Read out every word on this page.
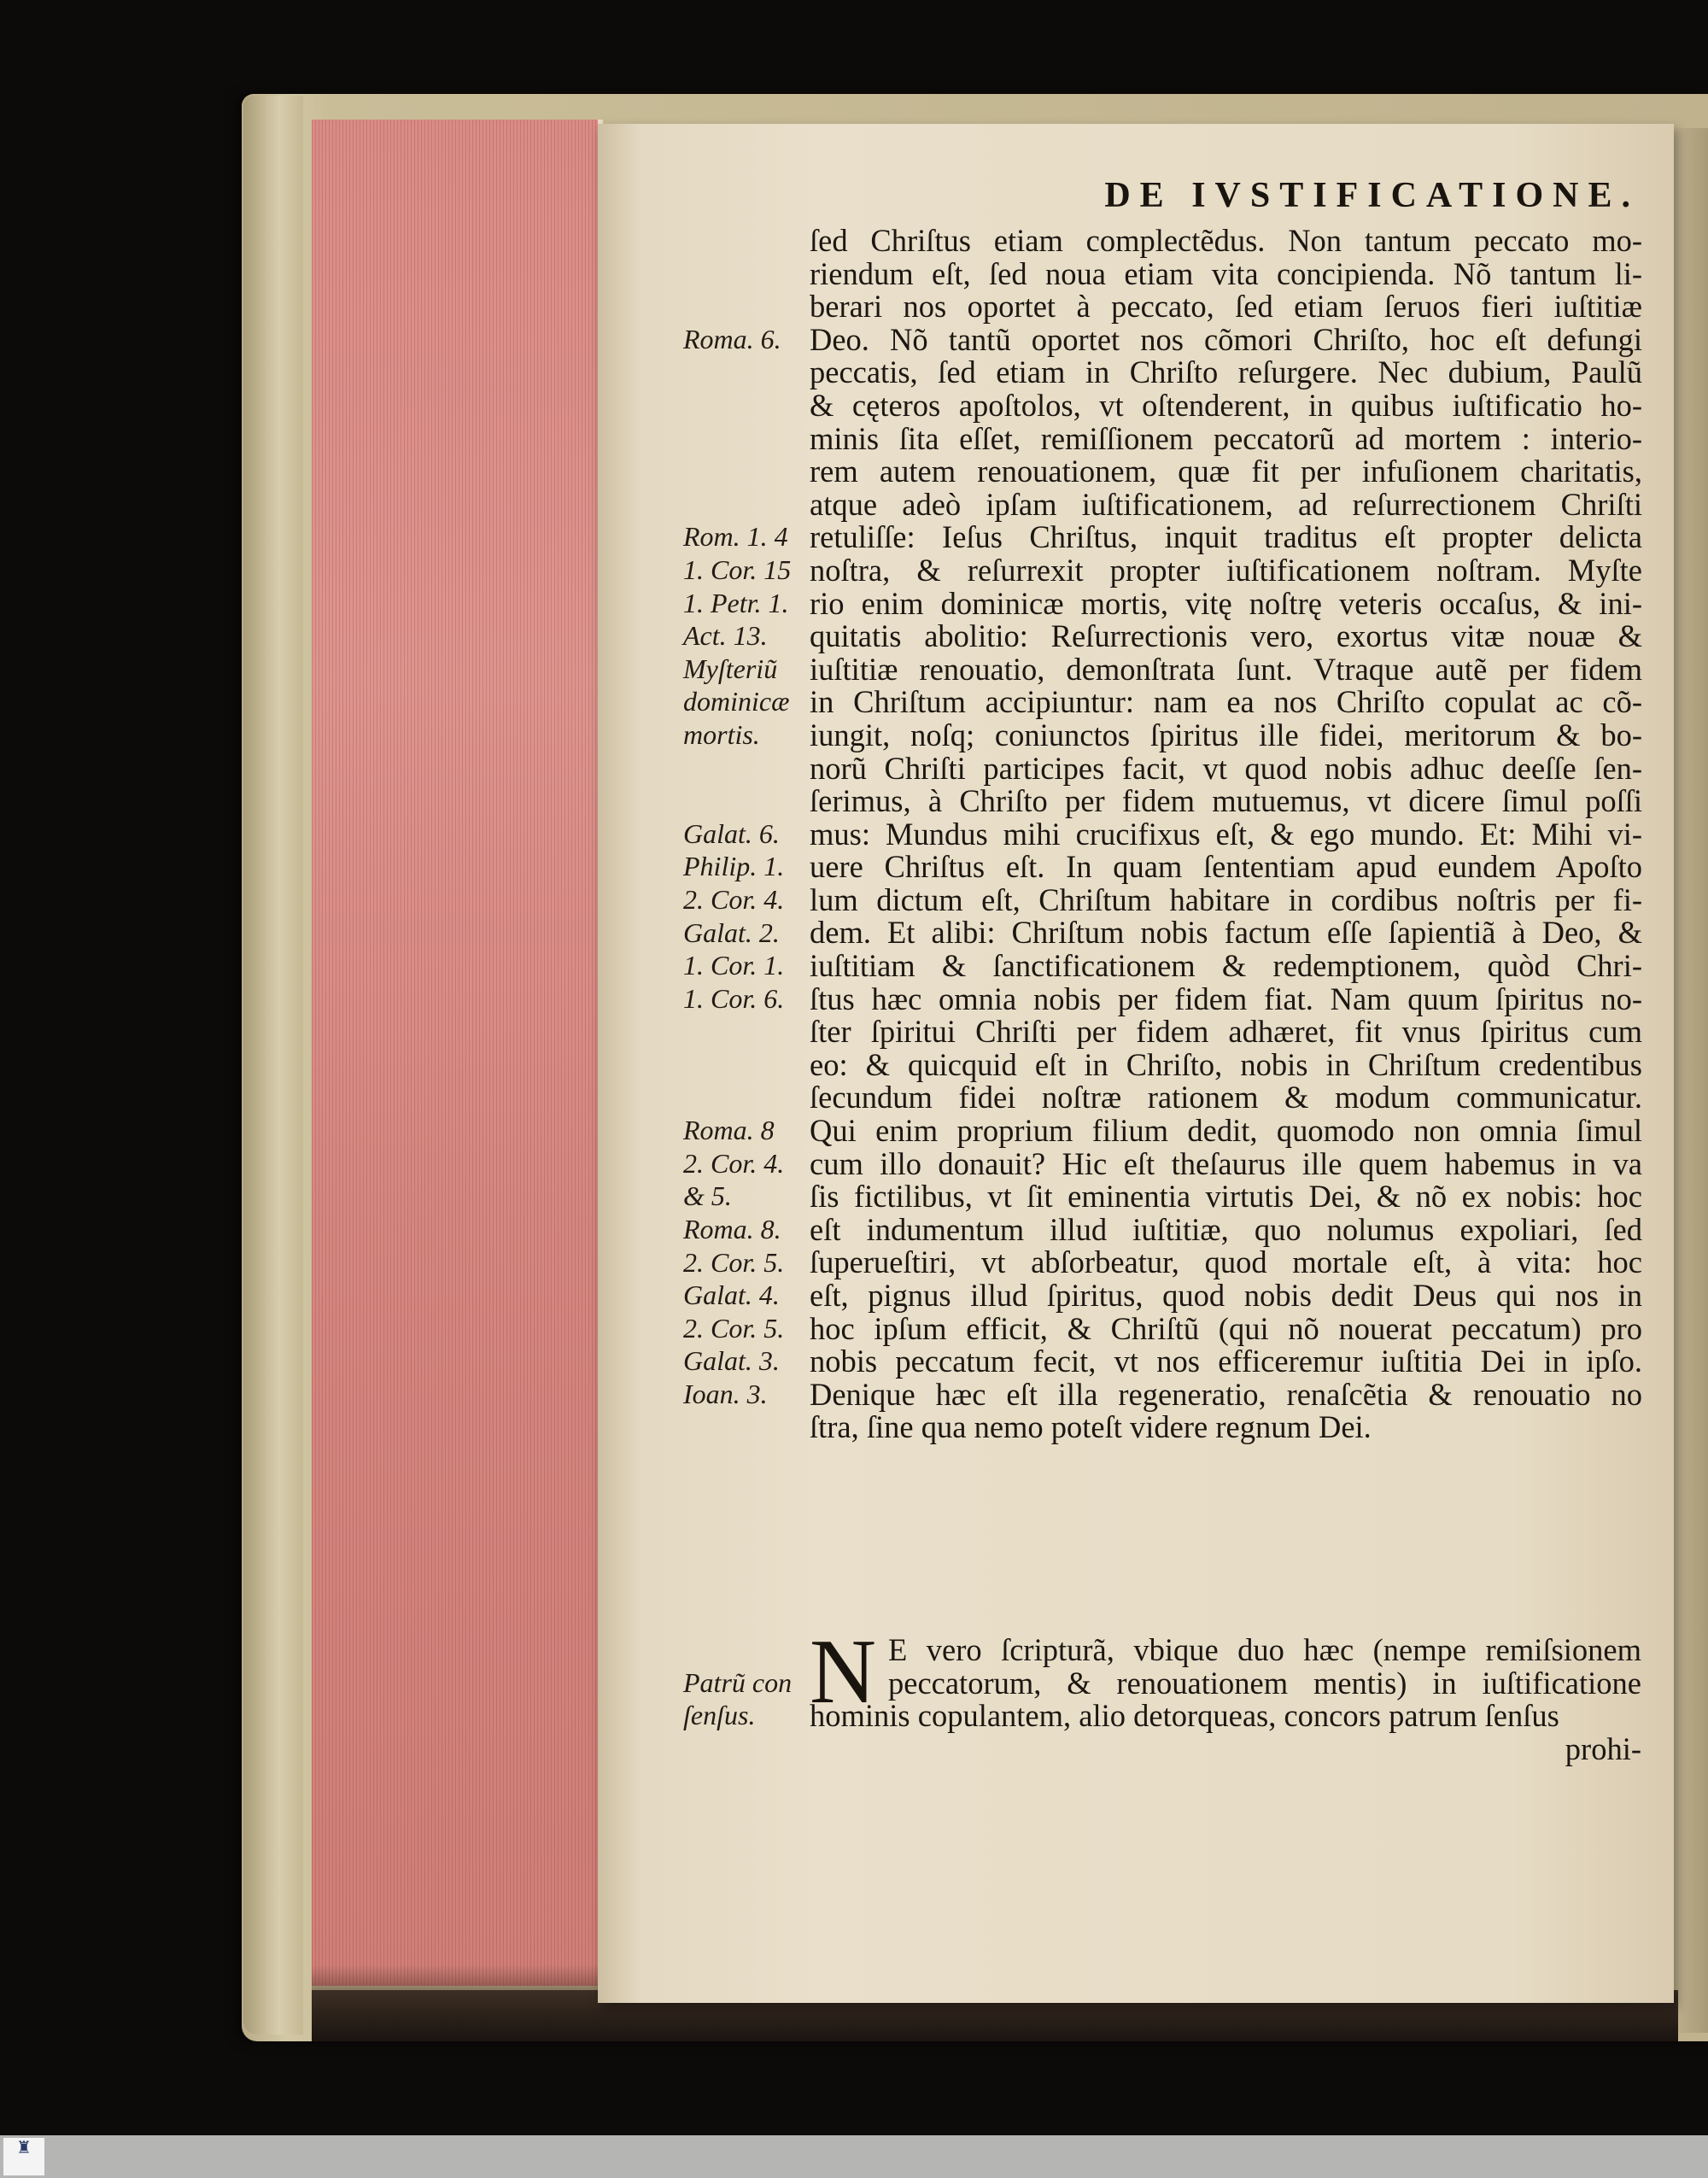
DE IVSTIFICATIONE.
Roma. 6.
Rom. 1. 4
1. Cor. 15
1. Petr. 1.
Act. 13.
Myſteriũ
dominicæ
mortis.
Galat. 6.
Philip. 1.
2. Cor. 4.
Galat. 2.
1. Cor. 1.
1. Cor. 6.
Roma. 8
2. Cor. 4.
& 5.
Roma. 8.
2. Cor. 5.
Galat. 4.
2. Cor. 5.
Galat. 3.
Ioan. 3.
Patrũ con
ſenſus.
ſed Chriſtus etiam complectẽdus. Non tantum peccato mo-
riendum eſt, ſed noua etiam vita concipienda. Nõ tantum li-
berari nos oportet à peccato, ſed etiam ſeruos fieri iuſtitiæ
Deo. Nõ tantũ oportet nos cõmori Chriſto, hoc eſt defungi
peccatis, ſed etiam in Chriſto reſurgere. Nec dubium, Paulũ
& cęteros apoſtolos, vt oſtenderent, in quibus iuſtificatio ho-
minis ſita eſſet, remiſſionem peccatorũ ad mortem : interio-
rem autem renouationem, quæ fit per infuſionem charitatis,
atque adeò ipſam iuſtificationem, ad reſurrectionem Chriſti
retuliſſe: Ieſus Chriſtus, inquit traditus eſt propter delicta
noſtra, & reſurrexit propter iuſtificationem noſtram. Myſte
rio enim dominicæ mortis, vitę noſtrę veteris occaſus, & ini-
quitatis abolitio: Reſurrectionis vero, exortus vitæ nouæ &
iuſtitiæ renouatio, demonſtrata ſunt. Vtraque autẽ per fidem
in Chriſtum accipiuntur: nam ea nos Chriſto copulat ac cõ-
iungit, noſq; coniunctos ſpiritus ille fidei, meritorum & bo-
norũ Chriſti participes facit, vt quod nobis adhuc deeſſe ſen-
ſerimus, à Chriſto per fidem mutuemus, vt dicere ſimul poſſi
mus: Mundus mihi crucifixus eſt, & ego mundo. Et: Mihi vi-
uere Chriſtus eſt. In quam ſententiam apud eundem Apoſto
lum dictum eſt, Chriſtum habitare in cordibus noſtris per fi-
dem. Et alibi: Chriſtum nobis factum eſſe ſapientiã à Deo, &
iuſtitiam & ſanctificationem & redemptionem, quòd Chri-
ſtus hæc omnia nobis per fidem fiat. Nam quum ſpiritus no-
ſter ſpiritui Chriſti per fidem adhæret, fit vnus ſpiritus cum
eo: & quicquid eſt in Chriſto, nobis in Chriſtum credentibus
ſecundum fidei noſtræ rationem & modum communicatur.
Qui enim proprium filium dedit, quomodo non omnia ſimul
cum illo donauit? Hic eſt theſaurus ille quem habemus in va
ſis fictilibus, vt ſit eminentia virtutis Dei, & nõ ex nobis: hoc
eſt indumentum illud iuſtitiæ, quo nolumus expoliari, ſed
ſuperueſtiri, vt abſorbeatur, quod mortale eſt, à vita: hoc
eſt, pignus illud ſpiritus, quod nobis dedit Deus qui nos in
hoc ipſum efficit, & Chriſtũ (qui nõ nouerat peccatum) pro
nobis peccatum fecit, vt nos efficeremur iuſtitia Dei in ipſo.
Denique hæc eſt illa regeneratio, renaſcẽtia & renouatio no
ſtra, ſine qua nemo poteſt videre regnum Dei.
N E vero ſcripturã, vbique duo hæc (nempe remiſsionem
peccatorum, & renouationem mentis) in iuſtificatione
hominis copulantem, alio detorqueas, concors patrum ſenſus
prohi-
♜
